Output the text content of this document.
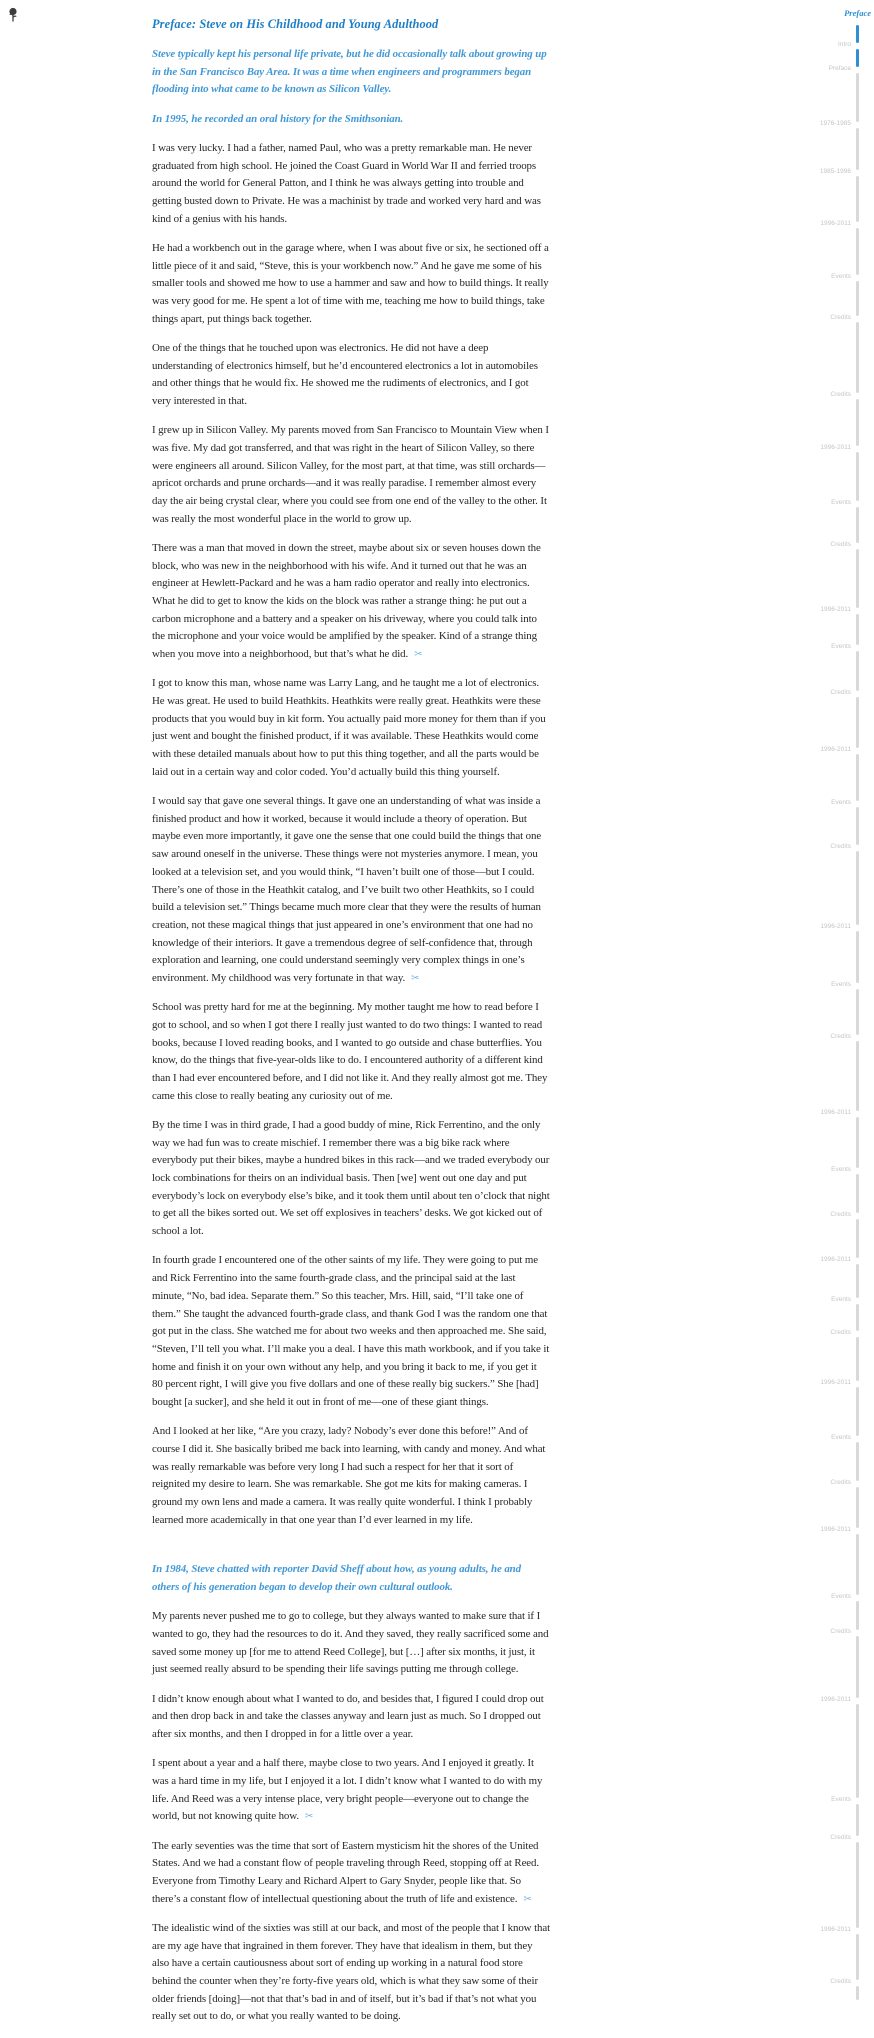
Preface: Steve on His Childhood and Young Adulthood

Steve typically kept his personal life private, but he did occasionally talk about growing up in the San Francisco Bay Area. It was a time when engineers and programmers began flooding into what came to be known as Silicon Valley.

In 1995, he recorded an oral history for the Smithsonian.

I was very lucky. I had a father, named Paul, who was a pretty remarkable man. He never graduated from high school. He joined the Coast Guard in World War II and ferried troops around the world for General Patton, and I think he was always getting into trouble and getting busted down to Private. He was a machinist by trade and worked very hard and was kind of a genius with his hands.

He had a workbench out in the garage where, when I was about five or six, he sectioned off a little piece of it and said, “Steve, this is your workbench now.” And he gave me some of his smaller tools and showed me how to use a hammer and saw and how to build things. It really was very good for me. He spent a lot of time with me, teaching me how to build things, take things apart, put things back together.

One of the things that he touched upon was electronics. He did not have a deep understanding of electronics himself, but he’d encountered electronics a lot in automobiles and other things that he would fix. He showed me the rudiments of electronics, and I got very interested in that.

I grew up in Silicon Valley. My parents moved from San Francisco to Mountain View when I was five. My dad got transferred, and that was right in the heart of Silicon Valley, so there were engineers all around. Silicon Valley, for the most part, at that time, was still orchards—apricot orchards and prune orchards—and it was really paradise. I remember almost every day the air being crystal clear, where you could see from one end of the valley to the other. It was really the most wonderful place in the world to grow up.

There was a man that moved in down the street, maybe about six or seven houses down the block, who was new in the neighborhood with his wife. And it turned out that he was an engineer at Hewlett-Packard and he was a ham radio operator and really into electronics. What he did to get to know the kids on the block was rather a strange thing: he put out a carbon microphone and a battery and a speaker on his driveway, where you could talk into the microphone and your voice would be amplified by the speaker. Kind of a strange thing when you move into a neighborhood, but that’s what he did. ✂

I got to know this man, whose name was Larry Lang, and he taught me a lot of electronics. He was great. He used to build Heathkits. Heathkits were really great. Heathkits were these products that you would buy in kit form. You actually paid more money for them than if you just went and bought the finished product, if it was available. These Heathkits would come with these detailed manuals about how to put this thing together, and all the parts would be laid out in a certain way and color coded. You’d actually build this thing yourself.

I would say that gave one several things. It gave one an understanding of what was inside a finished product and how it worked, because it would include a theory of operation. But maybe even more importantly, it gave one the sense that one could build the things that one saw around oneself in the universe. These things were not mysteries anymore. I mean, you looked at a television set, and you would think, “I haven’t built one of those—but I could. There’s one of those in the Heathkit catalog, and I’ve built two other Heathkits, so I could build a television set.” Things became much more clear that they were the results of human creation, not these magical things that just appeared in one’s environment that one had no knowledge of their interiors. It gave a tremendous degree of self-confidence that, through exploration and learning, one could understand seemingly very complex things in one’s environment. My childhood was very fortunate in that way. ✂

School was pretty hard for me at the beginning. My mother taught me how to read before I got to school, and so when I got there I really just wanted to do two things: I wanted to read books, because I loved reading books, and I wanted to go outside and chase butterflies. You know, do the things that five-year-olds like to do. I encountered authority of a different kind than I had ever encountered before, and I did not like it. And they really almost got me. They came this close to really beating any curiosity out of me.

By the time I was in third grade, I had a good buddy of mine, Rick Ferrentino, and the only way we had fun was to create mischief. I remember there was a big bike rack where everybody put their bikes, maybe a hundred bikes in this rack—and we traded everybody our lock combinations for theirs on an individual basis. Then [we] went out one day and put everybody’s lock on everybody else’s bike, and it took them until about ten o’clock that night to get all the bikes sorted out. We set off explosives in teachers’ desks. We got kicked out of school a lot.

In fourth grade I encountered one of the other saints of my life. They were going to put me and Rick Ferrentino into the same fourth-grade class, and the principal said at the last minute, “No, bad idea. Separate them.” So this teacher, Mrs. Hill, said, “I’ll take one of them.” She taught the advanced fourth-grade class, and thank God I was the random one that got put in the class. She watched me for about two weeks and then approached me. She said, “Steven, I’ll tell you what. I’ll make you a deal. I have this math workbook, and if you take it home and finish it on your own without any help, and you bring it back to me, if you get it 80 percent right, I will give you five dollars and one of these really big suckers.” She [had] bought [a sucker], and she held it out in front of me—one of these giant things.

And I looked at her like, “Are you crazy, lady? Nobody’s ever done this before!” And of course I did it. She basically bribed me back into learning, with candy and money. And what was really remarkable was before very long I had such a respect for her that it sort of reignited my desire to learn. She was remarkable. She got me kits for making cameras. I ground my own lens and made a camera. It was really quite wonderful. I think I probably learned more academically in that one year than I’d ever learned in my life.

In 1984, Steve chatted with reporter David Sheff about how, as young adults, he and others of his generation began to develop their own cultural outlook.

My parents never pushed me to go to college, but they always wanted to make sure that if I wanted to go, they had the resources to do it. And they saved, they really sacrificed some and saved some money up [for me to attend Reed College], but […] after six months, it just, it just seemed really absurd to be spending their life savings putting me through college.

I didn’t know enough about what I wanted to do, and besides that, I figured I could drop out and then drop back in and take the classes anyway and learn just as much. So I dropped out after six months, and then I dropped in for a little over a year.

I spent about a year and a half there, maybe close to two years. And I enjoyed it greatly. It was a hard time in my life, but I enjoyed it a lot. I didn’t know what I wanted to do with my life. And Reed was a very intense place, very bright people—everyone out to change the world, but not knowing quite how. ✂

The early seventies was the time that sort of Eastern mysticism hit the shores of the United States. And we had a constant flow of people traveling through Reed, stopping off at Reed. Everyone from Timothy Leary and Richard Alpert to Gary Snyder, people like that. So there’s a constant flow of intellectual questioning about the truth of life and existence. ✂

The idealistic wind of the sixties was still at our back, and most of the people that I know that are my age have that ingrained in them forever. They have that idealism in them, but they also have a certain cautiousness about sort of ending up working in a natural food store behind the counter when they’re forty-five years old, which is what they saw some of their older friends [doing]—not that that’s bad in and of itself, but it’s bad if that’s not what you really set out to do, or what you really wanted to be doing.

Preface
Intro
Preface
1976-1985
1985-1996
1996-2011
Events
Credits
Credits
1996-2011
Events
Credits
1996-2011
Events
Credits
1996-2011
Events
Credits
1996-2011
Events
Credits
1996-2011
Events
Credits
1996-2011
Events
Credits
1996-2011
Events
Credits
1996-2011
Events
Credits
1996-2011
Events
Credits
1996-2011
Credits
